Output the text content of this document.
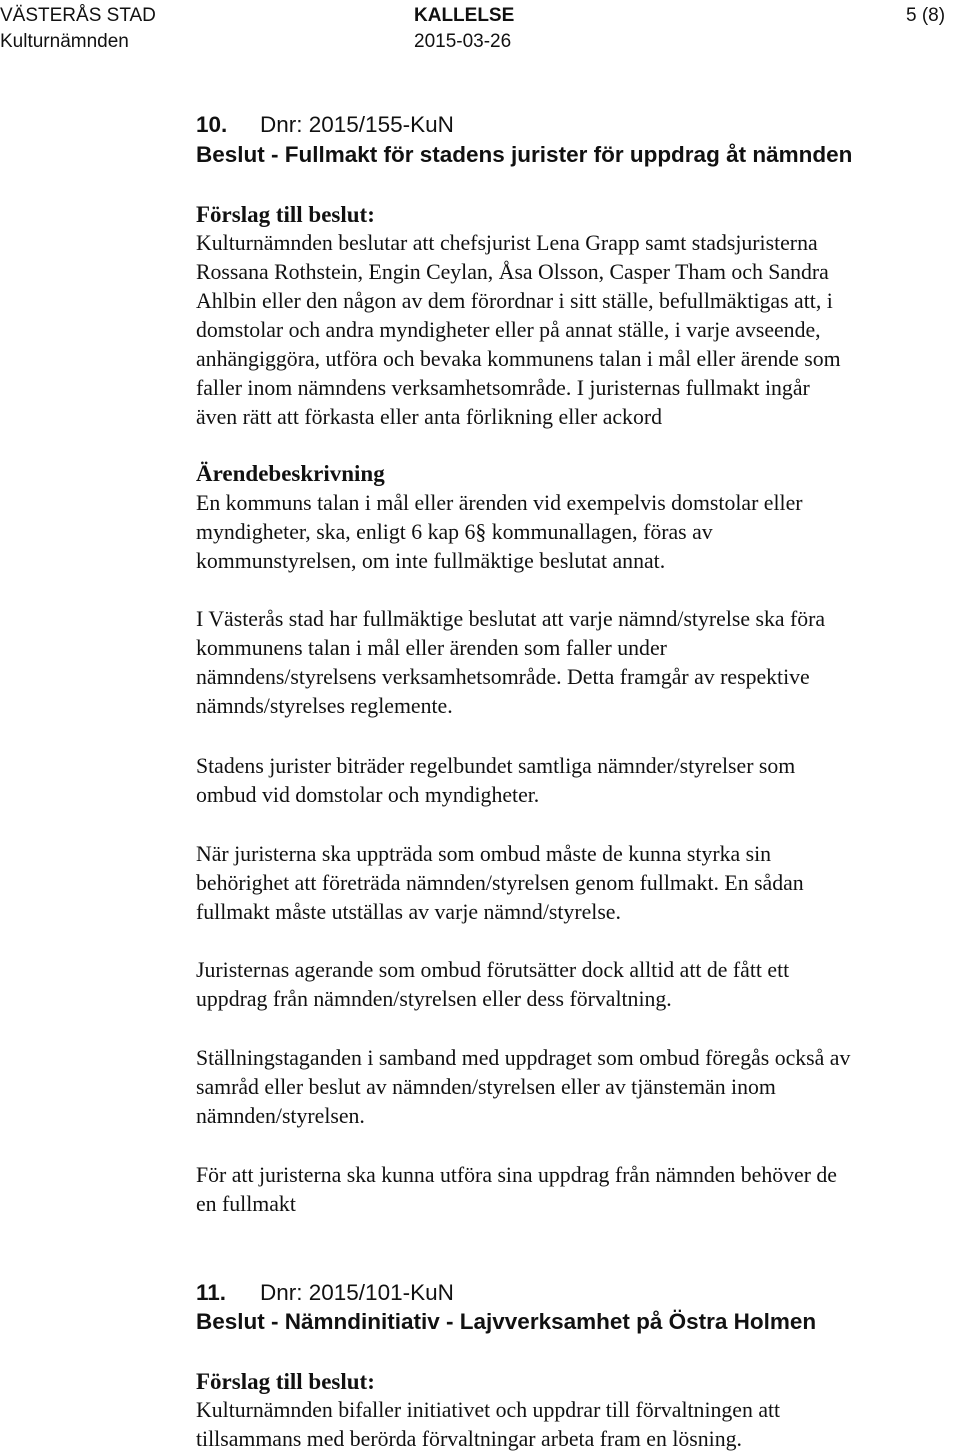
VÄSTERÅS STAD
Kulturnämnden
KALLELSE
2015-03-26
5 (8)
10. Dnr: 2015/155-KuN
Beslut - Fullmakt för stadens jurister för uppdrag åt nämnden
Förslag till beslut:

Kulturnämnden beslutar att chefsjurist Lena Grapp samt stadsjuristerna
Rossana Rothstein, Engin Ceylan, Åsa Olsson, Casper Tham och Sandra
Ahlbin eller den någon av dem förordnar i sitt ställe, befullmäktigas att, i
domstolar och andra myndigheter eller på annat ställe, i varje avseende,
anhängiggöra, utföra och bevaka kommunens talan i mål eller ärende som
faller inom nämndens verksamhetsområde. I juristernas fullmakt ingår
även rätt att förkasta eller anta förlikning eller ackord

Ärendebeskrivning

En kommuns talan i mål eller ärenden vid exempelvis domstolar eller
myndigheter, ska, enligt 6 kap 6§ kommunallagen, föras av
kommunstyrelsen, om inte fullmäktige beslutat annat.

I Västerås stad har fullmäktige beslutat att varje nämnd/styrelse ska föra
kommunens talan i mål eller ärenden som faller under
nämndens/styrelsens verksamhetsområde. Detta framgår av respektive
nämnds/styrelses reglemente.

Stadens jurister biträder regelbundet samtliga nämnder/styrelser som
ombud vid domstolar och myndigheter.

När juristerna ska uppträda som ombud måste de kunna styrka sin
behörighet att företräda nämnden/styrelsen genom fullmakt. En sådan
fullmakt måste utställas av varje nämnd/styrelse.

Juristernas agerande som ombud förutsätter dock alltid att de fått ett
uppdrag från nämnden/styrelsen eller dess förvaltning.

Ställningstaganden i samband med uppdraget som ombud föregås också av
samråd eller beslut av nämnden/styrelsen eller av tjänstemän inom
nämnden/styrelsen.

För att juristerna ska kunna utföra sina uppdrag från nämnden behöver de
en fullmakt

11. Dnr: 2015/101-KuN
Beslut - Nämndinitiativ - Lajvverksamhet på Östra Holmen
Förslag till beslut:

Kulturnämnden bifaller initiativet och uppdrar till förvaltningen att
tillsammans med berörda förvaltningar arbeta fram en lösning.
